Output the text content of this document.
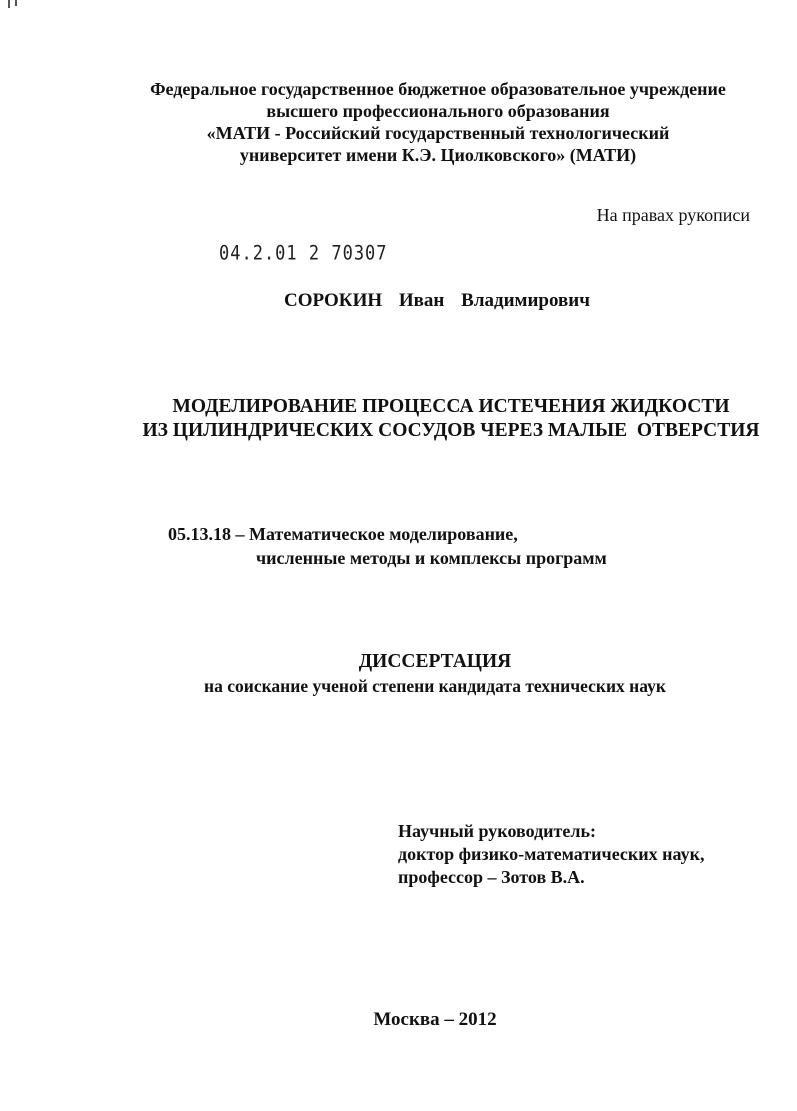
Федеральное государственное бюджетное образовательное учреждение
высшего профессионального образования
«МАТИ - Российский государственный технологический
университет имени К.Э. Циолковского» (МАТИ)
На правах рукописи
04.2.01 2 70307
СОРОКИН Иван Владимирович
МОДЕЛИРОВАНИЕ ПРОЦЕССА ИСТЕЧЕНИЯ ЖИДКОСТИ
ИЗ ЦИЛИНДРИЧЕСКИХ СОСУДОВ ЧЕРЕЗ МАЛЫЕ  ОТВЕРСТИЯ
05.13.18 – Математическое моделирование,
численные методы и комплексы программ
ДИССЕРТАЦИЯ
на соискание ученой степени кандидата технических наук
Научный руководитель:
доктор физико-математических наук,
профессор – Зотов В.А.
Москва – 2012
